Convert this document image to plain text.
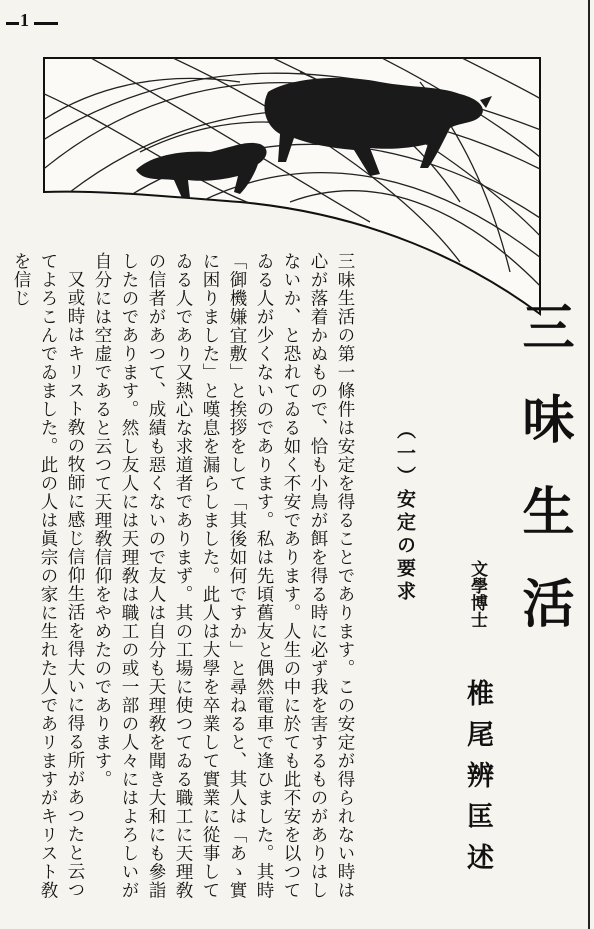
1
三味生活
文學博士 椎尾辨匡述
（一）安定の要求

三味生活の第一條件は安定を得ることであります。この安定が得られない時は心が落着かぬもので、恰も小鳥が餌を得る時に必ず我を害するものがありはしないか、と恐れてゐる如く不安であります。人生の中に於ても此不安を以つてゐる人が少くないのであります。私は先頃舊友と偶然電車で逢ひました。其時「御機嫌宜敷」と挨拶をして「其後如何ですか」と尋ねると、其人は「あゝ實に困りました」と嘆息を漏らしました。此人は大學を卒業して實業に從事してゐる人であり又熱心な求道者でありまず。其の工場に使つてゐる職工に天理敎の信者があつて、成績も惡くないので友人は自分も天理敎を聞き大和にも參詣したのであります。然し友人には天理敎は職工の或一部の人々にはよろしいが自分には空虚であると云つて天理敎信仰をやめたのであります。

又或時はキリスト敎の牧師に感じ信仰生活を得大いに得る所があつたと云つてよろこんでゐました。此の人は眞宗の家に生れた人であリますがキリスト敎を信じ
